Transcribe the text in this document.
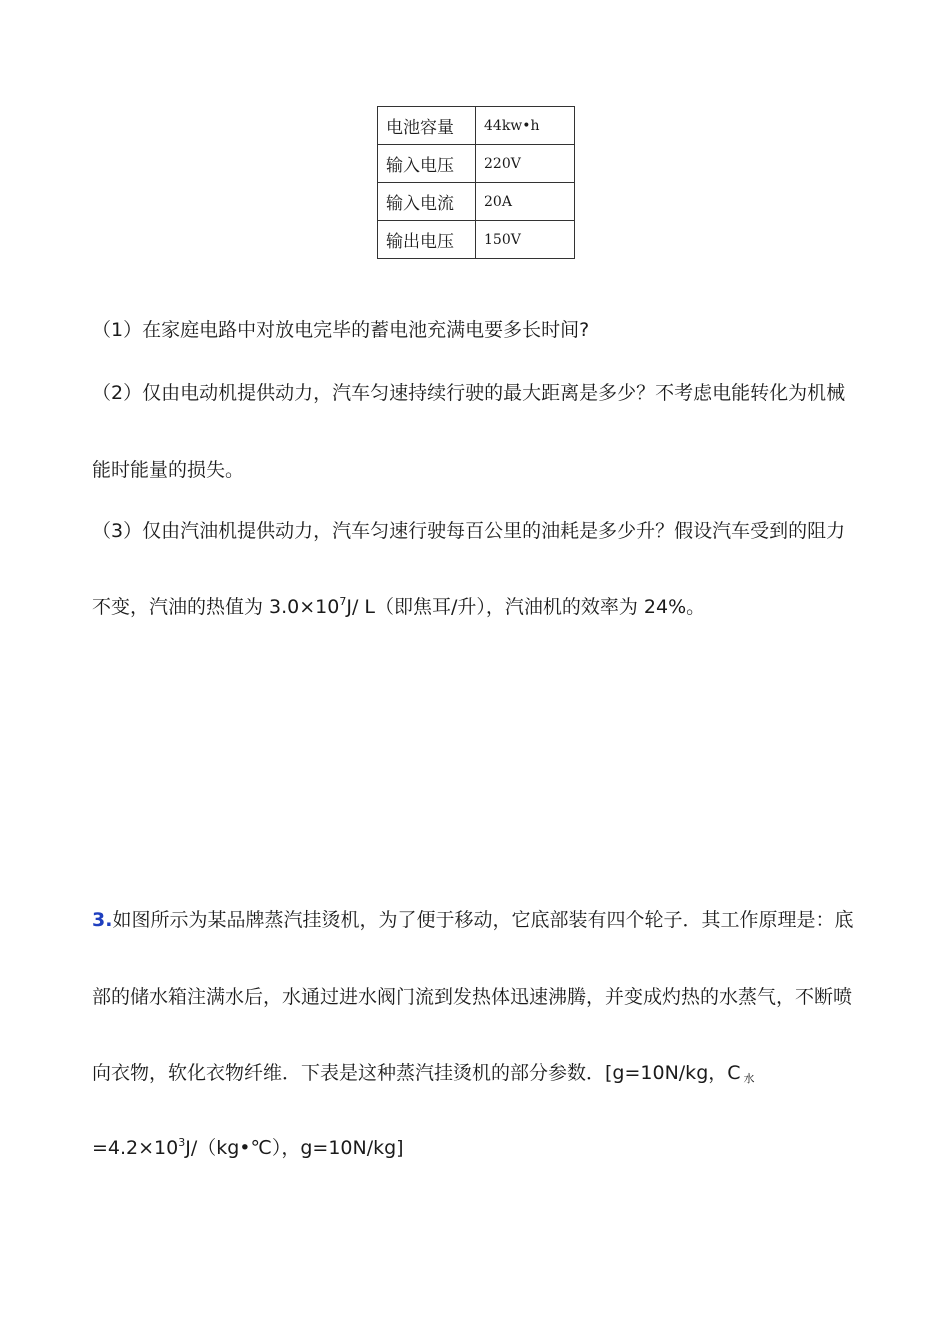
电池容量	44kw•h
输入电压	220V
输入电流	20A
输出电压	150V
（1）在家庭电路中对放电完毕的蓄电池充满电要多长时间?
（2）仅由电动机提供动力，汽车匀速持续行驶的最大距离是多少？不考虑电能转化为机械
能时能量的损失。
（3）仅由汽油机提供动力，汽车匀速行驶每百公里的油耗是多少升？假设汽车受到的阻力
不变，汽油的热值为 $3.0\times 10^7J/$ L（即焦耳/升），汽油机的效率为 24%。
3.如图所示为某品牌蒸汽挂烫机，为了便于移动，它底部装有四个轮子．其工作原理是：底
部的储水箱注满水后，水通过进水阀门流到发热体迅速沸腾，并变成灼热的水蒸气，不断喷
向衣物，软化衣物纤维．下表是这种蒸汽挂烫机的部分参数．[g=10N/kg，C 水
$=4.2\times 10^3J/(kg•℃)$，g=10N/kg]
